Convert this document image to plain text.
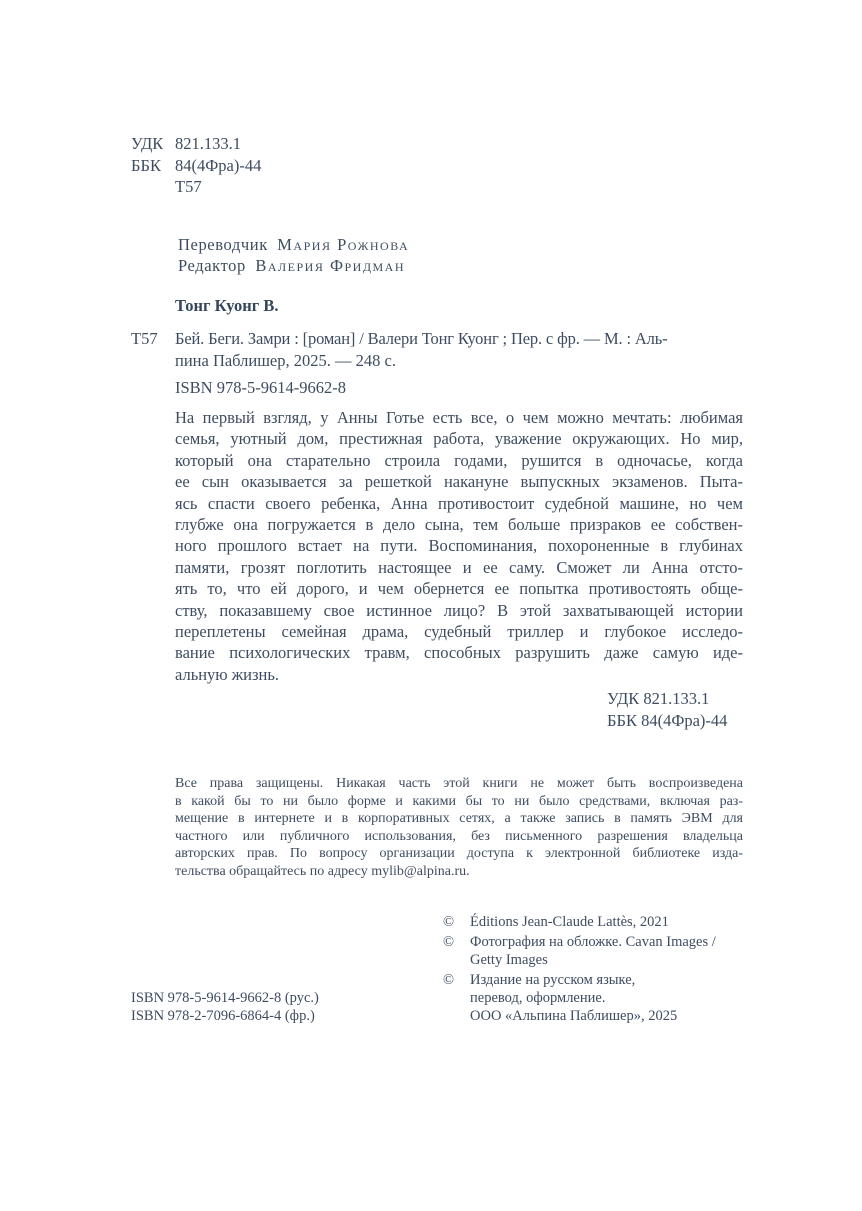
УДК 821.133.1
ББК 84(4Фра)-44
Т57
Переводчик Мария Рожнова
Редактор Валерия Фридман
Тонг Куонг В.
Т57 Бей. Беги. Замри : [роман] / Валери Тонг Куонг ; Пер. с фр. — М. : Аль-
пина Паблишер, 2025. — 248 с.
ISBN 978-5-9614-9662-8
На первый взгляд, у Анны Готье есть все, о чем можно мечтать: любимая
семья, уютный дом, престижная работа, уважение окружающих. Но мир,
который она старательно строила годами, рушится в одночасье, когда
ее сын оказывается за решеткой накануне выпускных экзаменов. Пыта-
ясь спасти своего ребенка, Анна противостоит судебной машине, но чем
глубже она погружается в дело сына, тем больше призраков ее собствен-
ного прошлого встает на пути. Воспоминания, похороненные в глубинах
памяти, грозят поглотить настоящее и ее саму. Сможет ли Анна отсто-
ять то, что ей дорого, и чем обернется ее попытка противостоять обще-
ству, показавшему свое истинное лицо? В этой захватывающей истории
переплетены семейная драма, судебный триллер и глубокое исследо-
вание психологических травм, способных разрушить даже самую иде-
альную жизнь.
УДК 821.133.1
ББК 84(4Фра)-44
Все права защищены. Никакая часть этой книги не может быть воспроизведена
в какой бы то ни было форме и какими бы то ни было средствами, включая раз-
мещение в интернете и в корпоративных сетях, а также запись в память ЭВМ для
частного или публичного использования, без письменного разрешения владельца
авторских прав. По вопросу организации доступа к электронной библиотеке изда-
тельства обращайтесь по адресу mylib@alpina.ru.
© Éditions Jean-Claude Lattès, 2021
© Фотография на обложке. Cavan Images /
Getty Images
© Издание на русском языке,
перевод, оформление.
ООО «Альпина Паблишер», 2025
ISBN 978-5-9614-9662-8 (рус.)
ISBN 978-2-7096-6864-4 (фр.)
